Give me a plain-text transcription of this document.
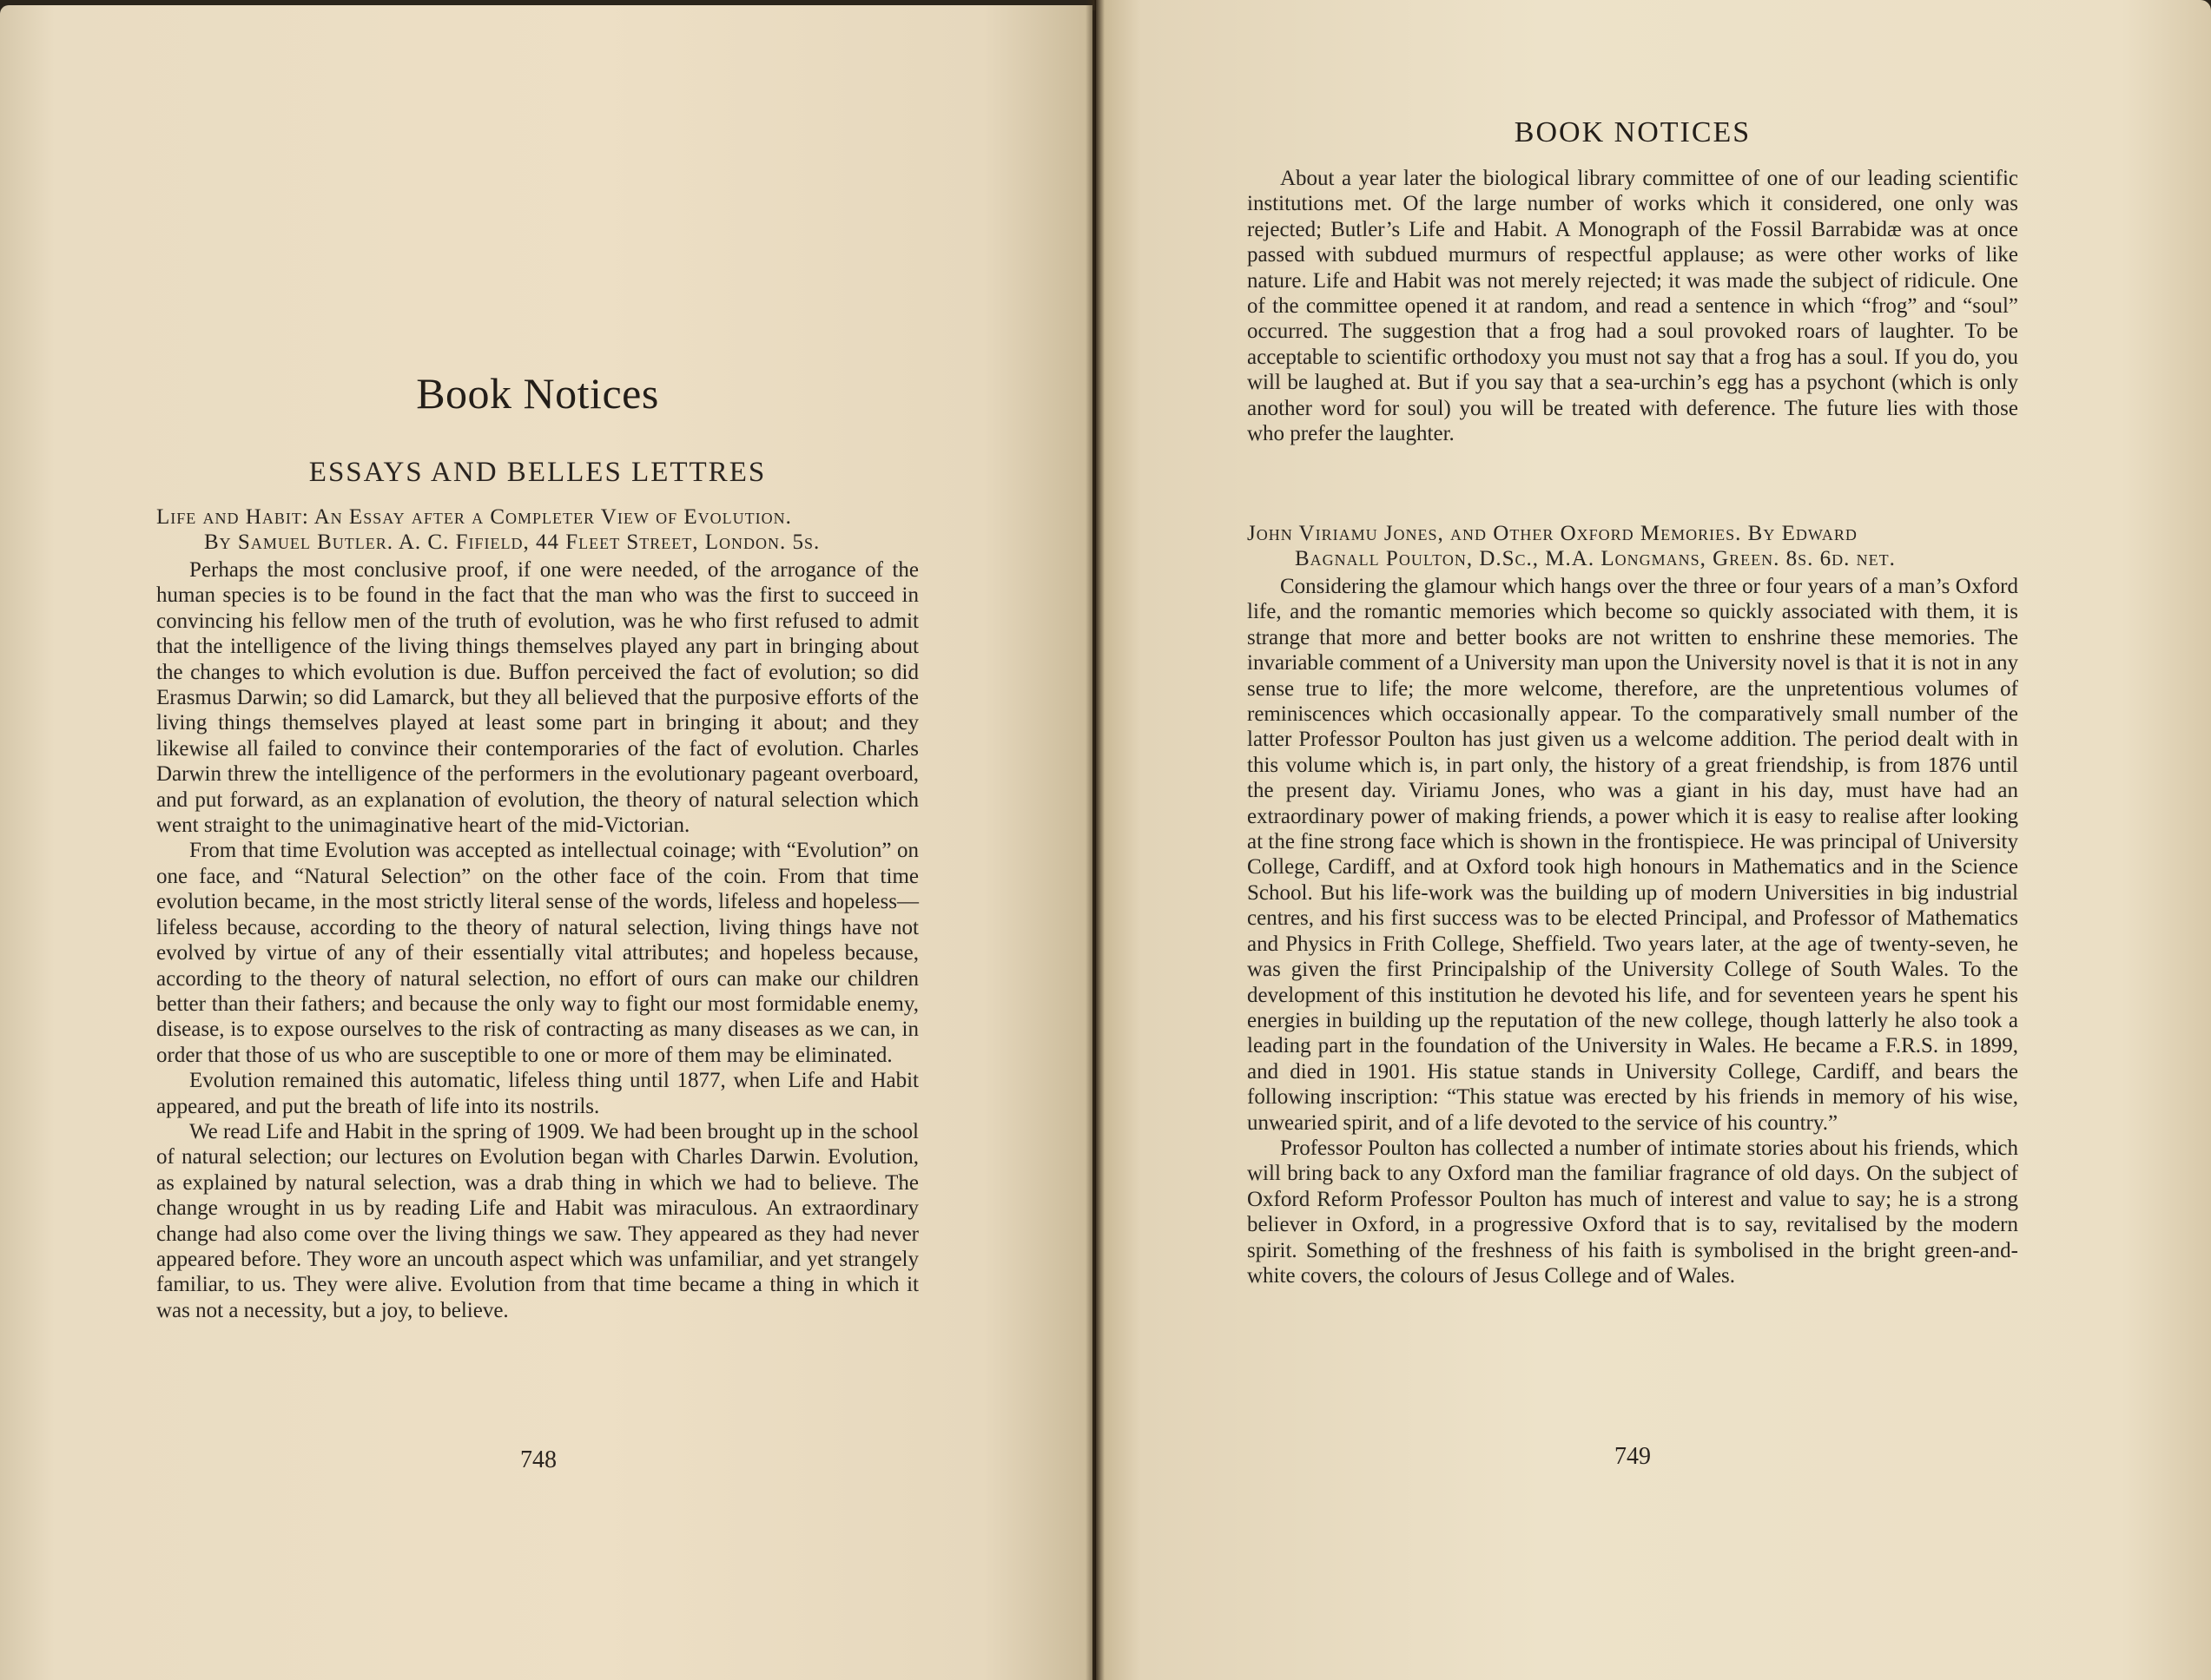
Book Notices
ESSAYS AND BELLES LETTRES

Life and Habit: An Essay after a Completer View of Evolution.
By Samuel Butler. A. C. Fifield, 44 Fleet Street, London. 5s.

Perhaps the most conclusive proof, if one were needed, of the arrogance of the human species is to be found in the fact that the man who was the first to succeed in convincing his fellow men of the truth of evolution, was he who first refused to admit that the intelligence of the living things themselves played any part in bringing about the changes to which evolution is due. Buffon perceived the fact of evolution; so did Erasmus Darwin; so did Lamarck, but they all believed that the purposive efforts of the living things themselves played at least some part in bringing it about; and they likewise all failed to convince their contemporaries of the fact of evolution. Charles Darwin threw the intelligence of the performers in the evolutionary pageant overboard, and put forward, as an explanation of evolution, the theory of natural selection which went straight to the unimaginative heart of the mid-Victorian.

From that time Evolution was accepted as intellectual coinage; with “Evolution” on one face, and “Natural Selection” on the other face of the coin. From that time evolution became, in the most strictly literal sense of the words, lifeless and hopeless—lifeless because, according to the theory of natural selection, living things have not evolved by virtue of any of their essentially vital attributes; and hopeless because, according to the theory of natural selection, no effort of ours can make our children better than their fathers; and because the only way to fight our most formidable enemy, disease, is to expose ourselves to the risk of contracting as many diseases as we can, in order that those of us who are susceptible to one or more of them may be eliminated.

Evolution remained this automatic, lifeless thing until 1877, when Life and Habit appeared, and put the breath of life into its nostrils.

We read Life and Habit in the spring of 1909. We had been brought up in the school of natural selection; our lectures on Evolution began with Charles Darwin. Evolution, as explained by natural selection, was a drab thing in which we had to believe. The change wrought in us by reading Life and Habit was miraculous. An extraordinary change had also come over the living things we saw. They appeared as they had never appeared before. They wore an uncouth aspect which was unfamiliar, and yet strangely familiar, to us. They were alive. Evolution from that time became a thing in which it was not a necessity, but a joy, to believe.

748
BOOK NOTICES

About a year later the biological library committee of one of our leading scientific institutions met. Of the large number of works which it considered, one only was rejected; Butler’s Life and Habit. A Monograph of the Fossil Barrabidæ was at once passed with subdued murmurs of respectful applause; as were other works of like nature. Life and Habit was not merely rejected; it was made the subject of ridicule. One of the committee opened it at random, and read a sentence in which “frog” and “soul” occurred. The suggestion that a frog had a soul provoked roars of laughter. To be acceptable to scientific orthodoxy you must not say that a frog has a soul. If you do, you will be laughed at. But if you say that a sea-urchin’s egg has a psychont (which is only another word for soul) you will be treated with deference. The future lies with those who prefer the laughter.

John Viriamu Jones, and Other Oxford Memories. By Edward
Bagnall Poulton, D.Sc., M.A. Longmans, Green. 8s. 6d. net.

Considering the glamour which hangs over the three or four years of a man’s Oxford life, and the romantic memories which become so quickly associated with them, it is strange that more and better books are not written to enshrine these memories. The invariable comment of a University man upon the University novel is that it is not in any sense true to life; the more welcome, therefore, are the unpretentious volumes of reminiscences which occasionally appear. To the comparatively small number of the latter Professor Poulton has just given us a welcome addition. The period dealt with in this volume which is, in part only, the history of a great friendship, is from 1876 until the present day. Viriamu Jones, who was a giant in his day, must have had an extraordinary power of making friends, a power which it is easy to realise after looking at the fine strong face which is shown in the frontispiece. He was principal of University College, Cardiff, and at Oxford took high honours in Mathematics and in the Science School. But his life-work was the building up of modern Universities in big industrial centres, and his first success was to be elected Principal, and Professor of Mathematics and Physics in Frith College, Sheffield. Two years later, at the age of twenty-seven, he was given the first Principalship of the University College of South Wales. To the development of this institution he devoted his life, and for seventeen years he spent his energies in building up the reputation of the new college, though latterly he also took a leading part in the foundation of the University in Wales. He became a F.R.S. in 1899, and died in 1901. His statue stands in University College, Cardiff, and bears the following inscription: “This statue was erected by his friends in memory of his wise, unwearied spirit, and of a life devoted to the service of his country.”

Professor Poulton has collected a number of intimate stories about his friends, which will bring back to any Oxford man the familiar fragrance of old days. On the subject of Oxford Reform Professor Poulton has much of interest and value to say; he is a strong believer in Oxford, in a progressive Oxford that is to say, revitalised by the modern spirit. Something of the freshness of his faith is symbolised in the bright green-and-white covers, the colours of Jesus College and of Wales.

749
